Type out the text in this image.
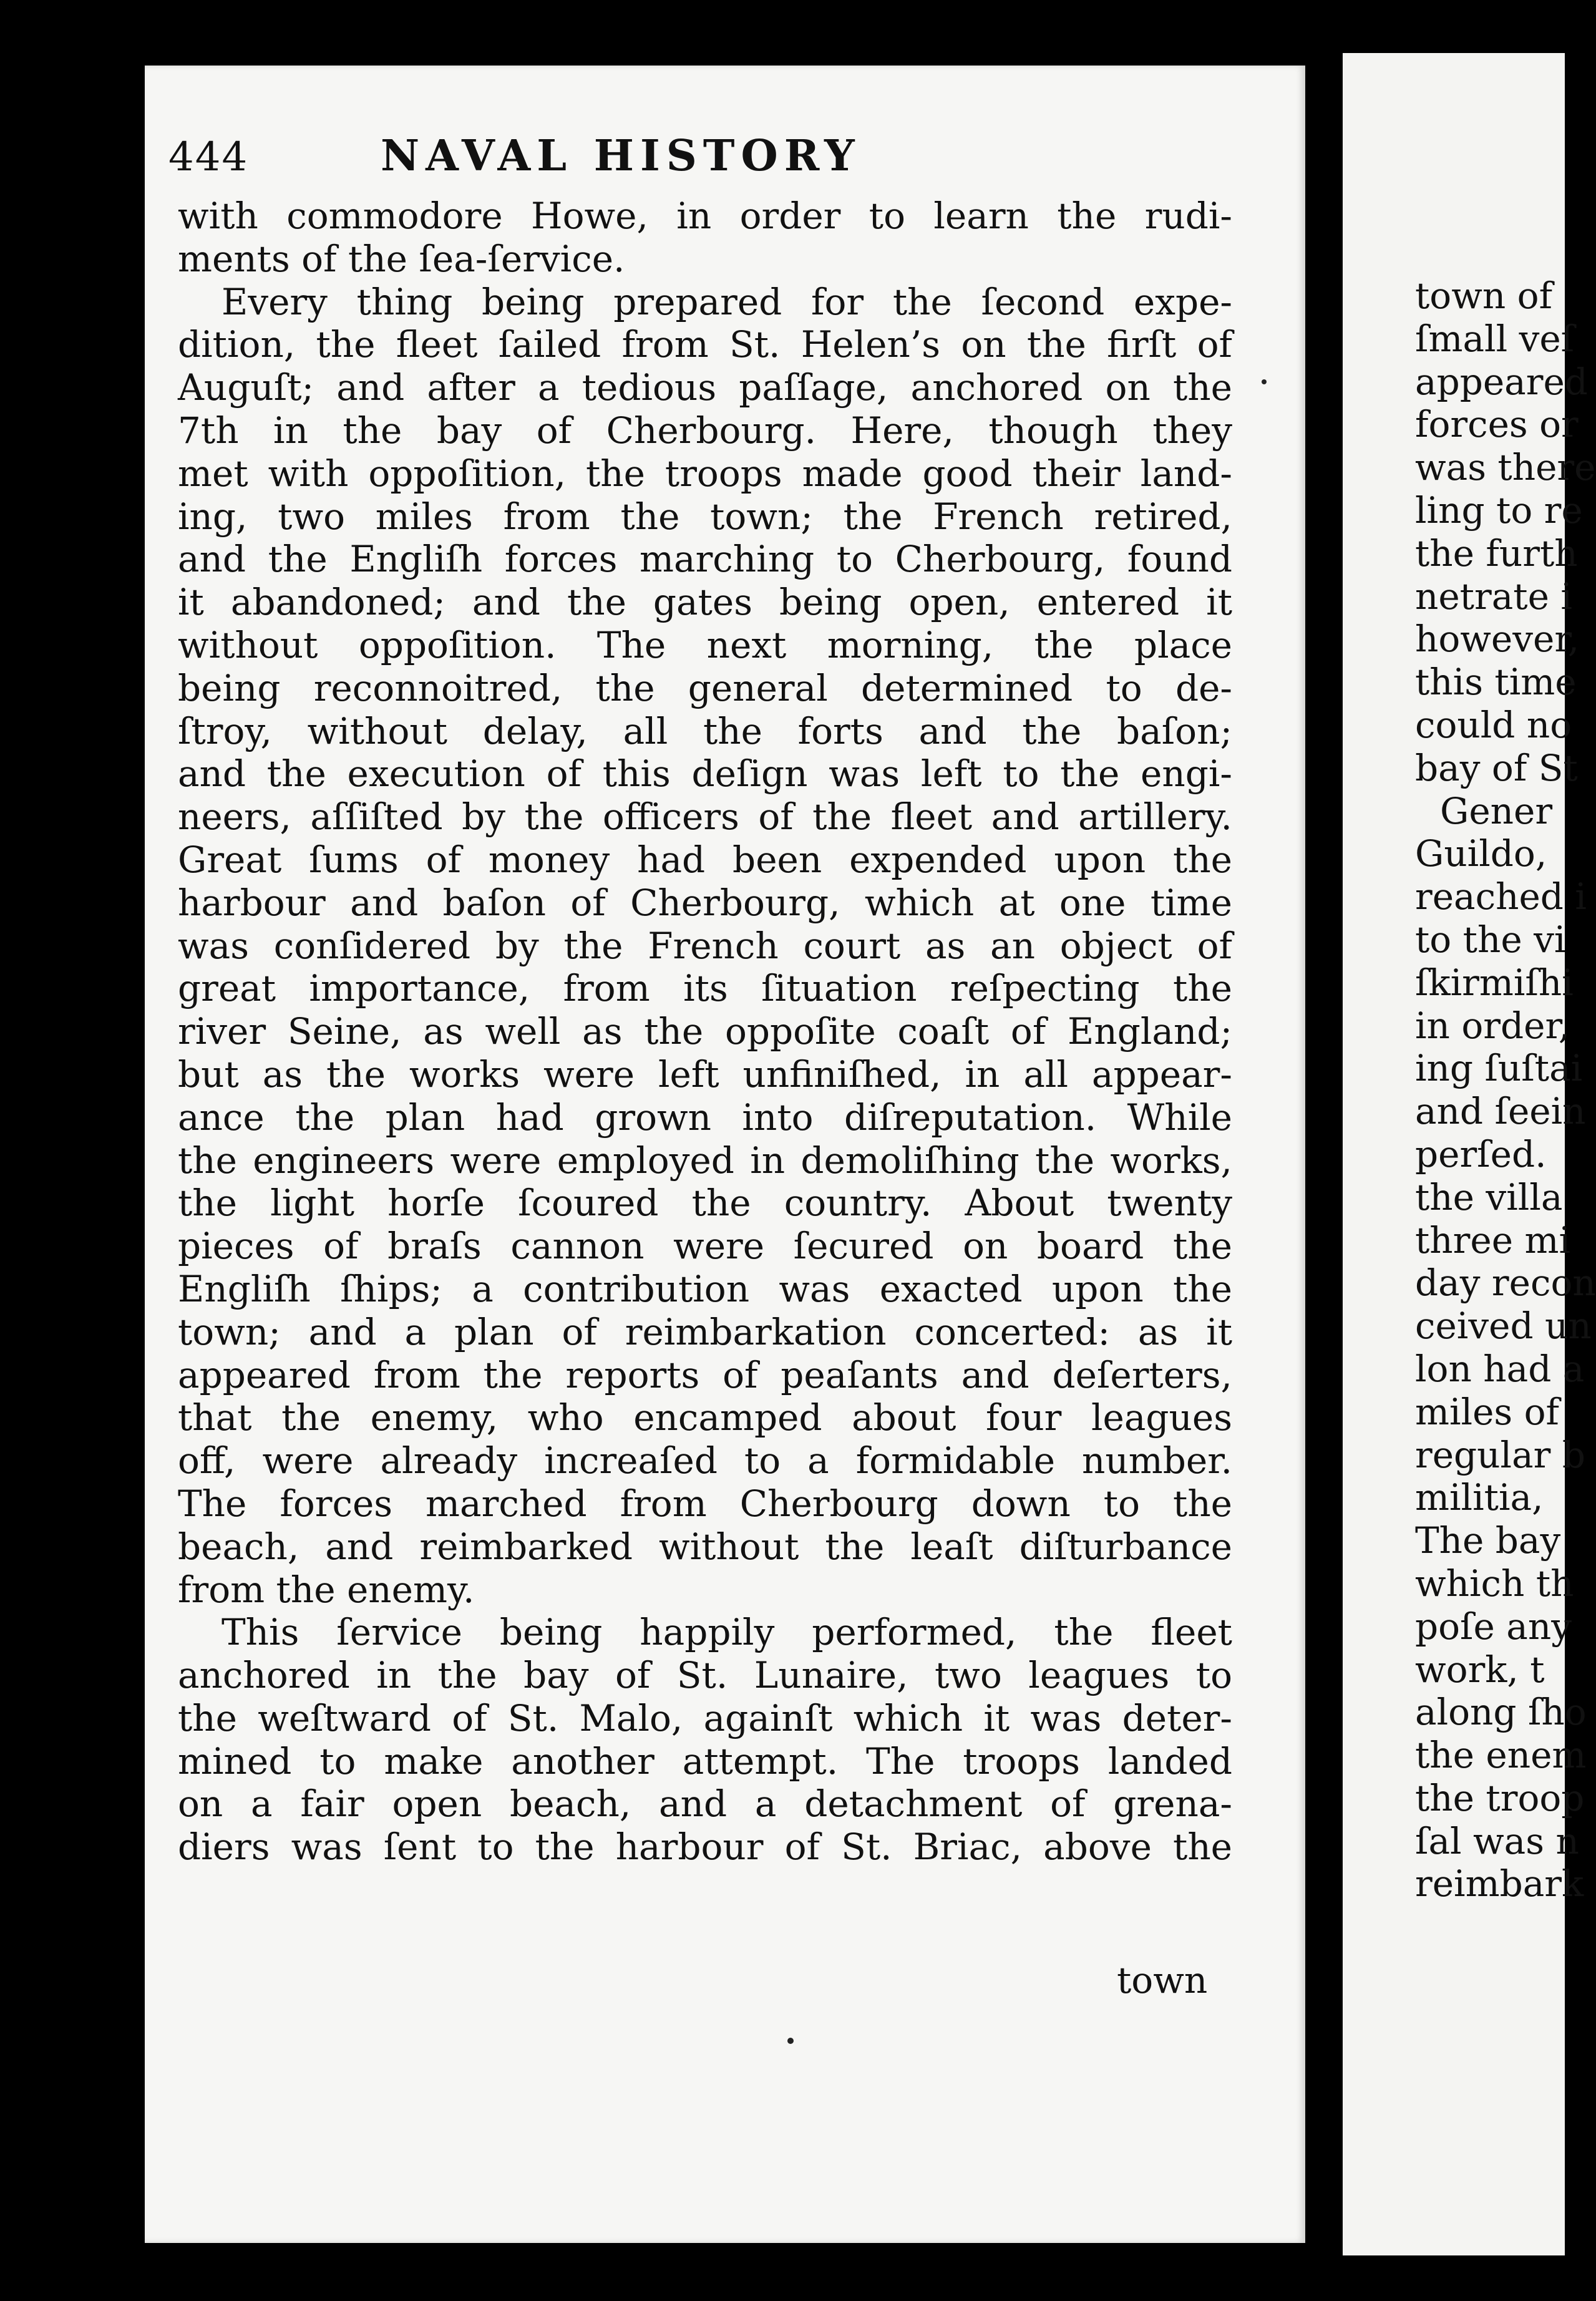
444	NAVAL HISTORY
with commodore Howe, in order to learn the rudi-
ments of the ſea-ſervice.
Every thing being prepared for the ſecond expe-
dition, the fleet ſailed from St. Helen’s on the firſt of
Auguſt; and after a tedious paſſage, anchored on the
7th in the bay of Cherbourg. Here, though they
met with oppoſition, the troops made good their land-
ing, two miles from the town; the French retired,
and the Engliſh forces marching to Cherbourg, found
it abandoned; and the gates being open, entered it
without oppoſition. The next morning, the place
being reconnoitred, the general determined to de-
ſtroy, without delay, all the forts and the baſon;
and the execution of this deſign was left to the engi-
neers, aſſiſted by the officers of the fleet and artillery.
Great ſums of money had been expended upon the
harbour and baſon of Cherbourg, which at one time
was conſidered by the French court as an object of
great importance, from its ſituation reſpecting the
river Seine, as well as the oppoſite coaſt of England;
but as the works were left unfiniſhed, in all appear-
ance the plan had grown into diſreputation. While
the engineers were employed in demoliſhing the works,
the light horſe ſcoured the country. About twenty
pieces of braſs cannon were ſecured on board the
Engliſh ſhips; a contribution was exacted upon the
town; and a plan of reimbarkation concerted: as it
appeared from the reports of peaſants and deſerters,
that the enemy, who encamped about four leagues
off, were already increaſed to a formidable number.
The forces marched from Cherbourg down to the
beach, and reimbarked without the leaſt diſturbance
from the enemy.
This ſervice being happily performed, the fleet
anchored in the bay of St. Lunaire, two leagues to
the weſtward of St. Malo, againſt which it was deter-
mined to make another attempt. The troops landed
on a fair open beach, and a detachment of grena-
diers was ſent to the harbour of St. Briac, above the
town
town of
ſmall veſ
appeared
forces or
was there
ling to re
the furth
netrate i
however,
this time
could no
bay of St
Gener
Guildo,
reached i
to the vi
ſkirmiſhi
in order,
ing ſuſtai
and ſeein
perſed.
the villa
three mi
day recon
ceived un
lon had a
miles of
regular b
militia,
The bay
which th
poſe any
work, t
along ſho
the enem
the troop
ſal was n
reimbark
